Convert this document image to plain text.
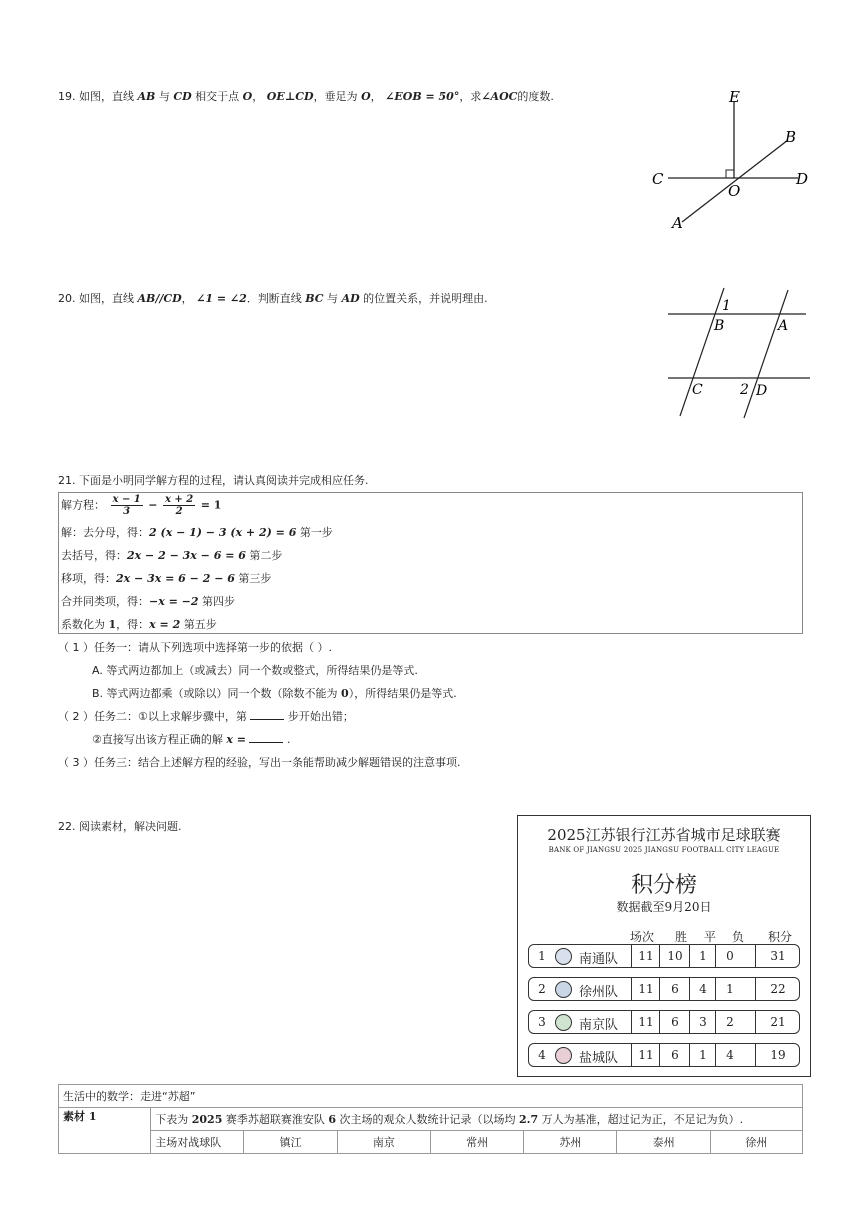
19. 如图，直线 AB 与 CD 相交于点 O， OE⊥CD，垂足为 O， ∠EOB = 50°，求∠AOC的度数.	E
B
C	D
O
A
20. 如图，直线 AB//CD， ∠1 = ∠2．判断直线 BC 与 AD 的位置关系，并说明理由.	1
B	A
C	2 D
21. 下面是小明同学解方程的过程，请认真阅读并完成相应任务.
解方程： $\frac{x - 1}{3} - \frac{x + 2}{2} = 1$
解：去分母，得：2 (x − 1) − 3 (x + 2) = 6 第一步
去括号，得：2x − 2 − 3x − 6 = 6 第二步
移项，得：2x − 3x = 6 − 2 − 6 第三步
合并同类项，得：−x = −2 第四步
系数化为 1，得：x = 2 第五步
（ 1 ）任务一：请从下列选项中选择第一步的依据（ ）.
A. 等式两边都加上（或减去）同一个数或整式，所得结果仍是等式.
B. 等式两边都乘（或除以）同一个数（除数不能为 0），所得结果仍是等式.
（ 2 ）任务二：①以上求解步骤中，第	步开始出错；
②直接写出该方程正确的解 x =	.
（ 3 ）任务三：结合上述解方程的经验，写出一条能帮助减少解题错误的注意事项.
22. 阅读素材，解决问题.	2025江苏银行江苏省城市足球联赛
BANK OF JIANGSU 2025 JIANGSU FOOTBALL CITY LEAGUE
积分榜
数据截至9月20日
场次 胜 平 负 积分
1	南通队	11	10	1	0	31
2	徐州队	11	6	4	1	22
3	南京队	11	6	3	2	21
4	盐城队	11	6	1	4	19
生活中的数学：走进“苏超”							
素材 1	下表为 2025 赛季苏超联赛淮安队 6 次主场的观众人数统计记录（以场均 2.7 万人为基准，超过记为正，不足记为负）.						
	主场对战球队	镇江	南京	常州	苏州	泰州	徐州
